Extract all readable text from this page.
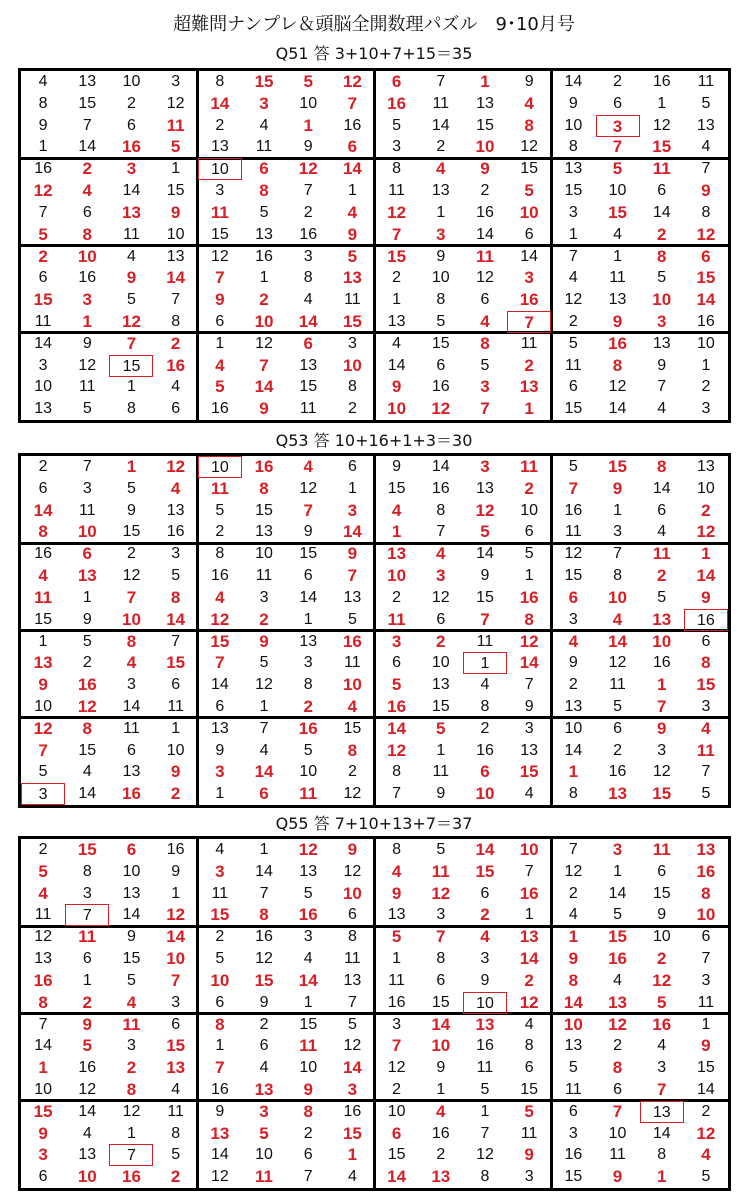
超難問ナンプレ＆頭脳全開数理パズル　9･10月号
Q51 答 3+10+7+15＝35
4	13	10	3	8	15	5	12	6	7	1	9	14	2	16	11
8	15	2	12	14	3	10	7	16	11	13	4	9	6	1	5
9	7	6	11	2	4	1	16	5	14	15	8	10	3	12	13
1	14	16	5	13	11	9	6	3	2	10	12	8	7	15	4
16	2	3	1	10	6	12	14	8	4	9	15	13	5	11	7
12	4	14	15	3	8	7	1	11	13	2	5	15	10	6	9
7	6	13	9	11	5	2	4	12	1	16	10	3	15	14	8
5	8	11	10	15	13	16	9	7	3	14	6	1	4	2	12
2	10	4	13	12	16	3	5	15	9	11	14	7	1	8	6
6	16	9	14	7	1	8	13	2	10	12	3	4	11	5	15
15	3	5	7	9	2	4	11	1	8	6	16	12	13	10	14
11	1	12	8	6	10	14	15	13	5	4	7	2	9	3	16
14	9	7	2	1	12	6	3	4	15	8	11	5	16	13	10
3	12	15	16	4	7	13	10	14	6	5	2	11	8	9	1
10	11	1	4	5	14	15	8	9	16	3	13	6	12	7	2
13	5	8	6	16	9	11	2	10	12	7	1	15	14	4	3
Q53 答 10+16+1+3＝30
2	7	1	12	10	16	4	6	9	14	3	11	5	15	8	13
6	3	5	4	11	8	12	1	15	16	13	2	7	9	14	10
14	11	9	13	5	15	7	3	4	8	12	10	16	1	6	2
8	10	15	16	2	13	9	14	1	7	5	6	11	3	4	12
16	6	2	3	8	10	15	9	13	4	14	5	12	7	11	1
4	13	12	5	16	11	6	7	10	3	9	1	15	8	2	14
11	1	7	8	4	3	14	13	2	12	15	16	6	10	5	9
15	9	10	14	12	2	1	5	11	6	7	8	3	4	13	16
1	5	8	7	15	9	13	16	3	2	11	12	4	14	10	6
13	2	4	15	7	5	3	11	6	10	1	14	9	12	16	8
9	16	3	6	14	12	8	10	5	13	4	7	2	11	1	15
10	12	14	11	6	1	2	4	16	15	8	9	13	5	7	3
12	8	11	1	13	7	16	15	14	5	2	3	10	6	9	4
7	15	6	10	9	4	5	8	12	1	16	13	14	2	3	11
5	4	13	9	3	14	10	2	8	11	6	15	1	16	12	7
3	14	16	2	1	6	11	12	7	9	10	4	8	13	15	5
Q55 答 7+10+13+7＝37
2	15	6	16	4	1	12	9	8	5	14	10	7	3	11	13
5	8	10	9	3	14	13	12	4	11	15	7	12	1	6	16
4	3	13	1	11	7	5	10	9	12	6	16	2	14	15	8
11	7	14	12	15	8	16	6	13	3	2	1	4	5	9	10
12	11	9	14	2	16	3	8	5	7	4	13	1	15	10	6
13	6	15	10	5	12	4	11	1	8	3	14	9	16	2	7
16	1	5	7	10	15	14	13	11	6	9	2	8	4	12	3
8	2	4	3	6	9	1	7	16	15	10	12	14	13	5	11
7	9	11	6	8	2	15	5	3	14	13	4	10	12	16	1
14	5	3	15	1	6	11	12	7	10	16	8	13	2	4	9
1	16	2	13	7	4	10	14	12	9	11	6	5	8	3	15
10	12	8	4	16	13	9	3	2	1	5	15	11	6	7	14
15	14	12	11	9	3	8	16	10	4	1	5	6	7	13	2
9	4	1	8	13	5	2	15	6	16	7	11	3	10	14	12
3	13	7	5	14	10	6	1	15	2	12	9	16	11	8	4
6	10	16	2	12	11	7	4	14	13	8	3	15	9	1	5
